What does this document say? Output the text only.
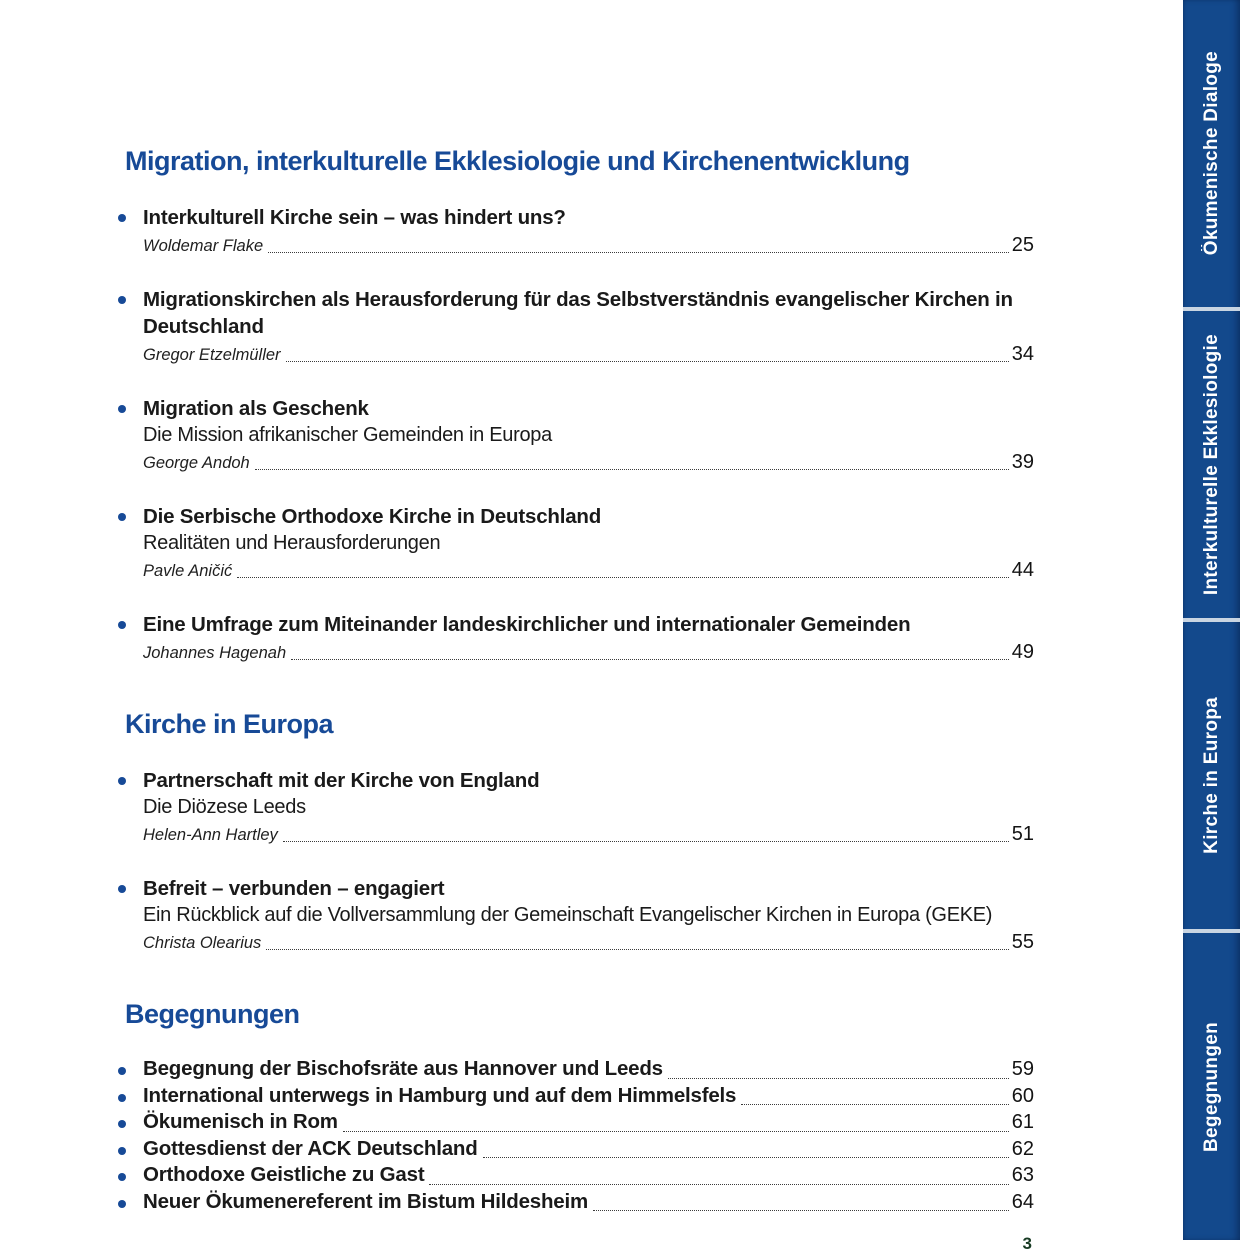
Migration, interkulturelle Ekklesiologie und Kirchenentwicklung
Interkulturell Kirche sein – was hindert uns?
Woldemar Flake	25
Migrationskirchen als Herausforderung für das Selbstverständnis evangelischer Kirchen in Deutschland
Gregor Etzelmüller	34
Migration als Geschenk
Die Mission afrikanischer Gemeinden in Europa
George Andoh	39
Die Serbische Orthodoxe Kirche in Deutschland
Realitäten und Herausforderungen
Pavle Aničić	44
Eine Umfrage zum Miteinander landeskirchlicher und internationaler Gemeinden
Johannes Hagenah	49
Kirche in Europa
Partnerschaft mit der Kirche von England
Die Diözese Leeds
Helen-Ann Hartley	51
Befreit – verbunden – engagiert
Ein Rückblick auf die Vollversammlung der Gemeinschaft Evangelischer Kirchen in Europa (GEKE)
Christa Olearius	55
Begegnungen
Begegnung der Bischofsräte aus Hannover und Leeds	59
International unterwegs in Hamburg und auf dem Himmelsfels	60
Ökumenisch in Rom	61
Gottesdienst der ACK Deutschland	62
Orthodoxe Geistliche zu Gast	63
Neuer Ökumenereferent im Bistum Hildesheim	64
3
Ökumenische Dialoge
Interkulturelle Ekklesiologie
Kirche in Europa
Begegnungen
